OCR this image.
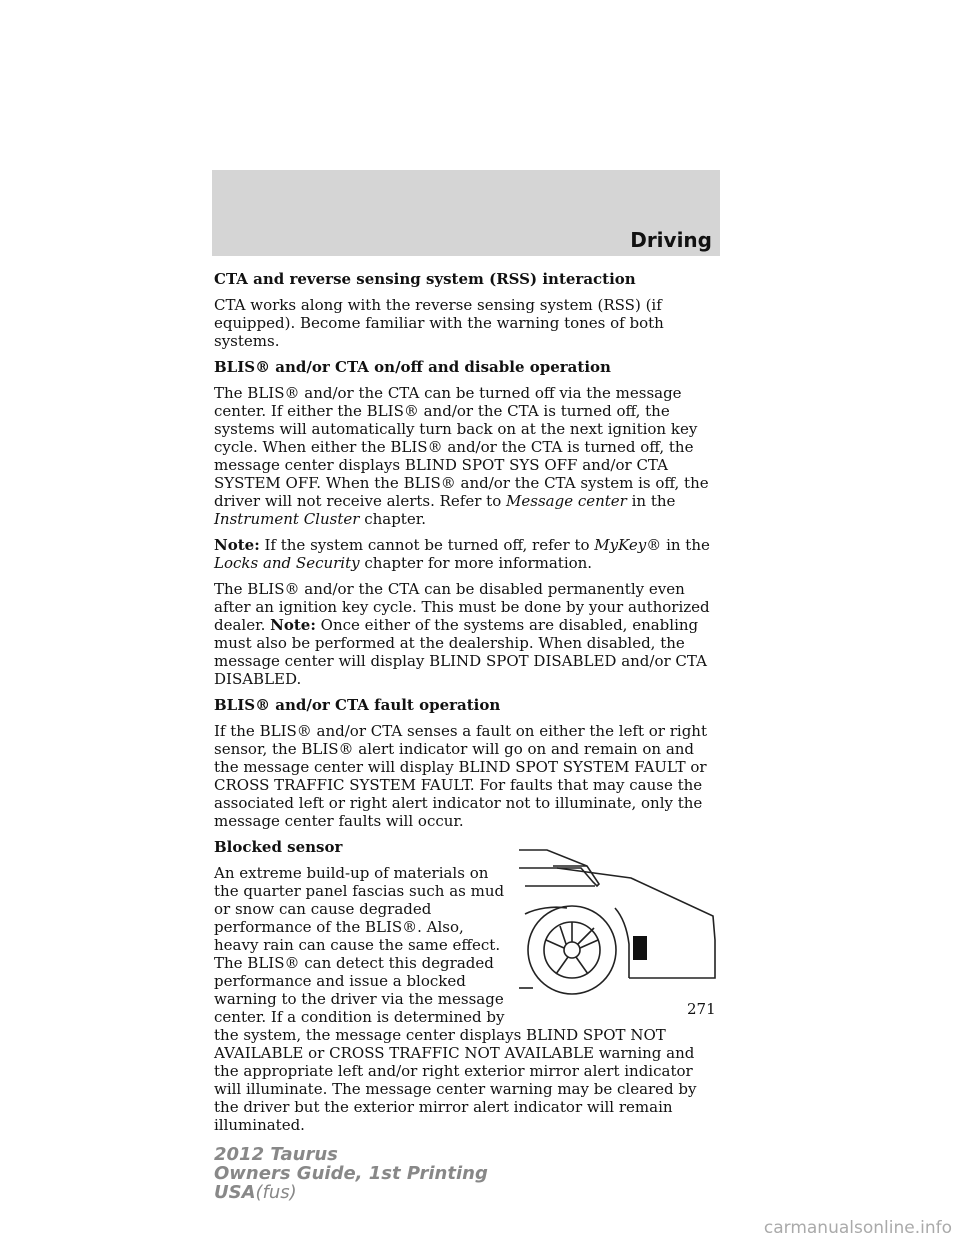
Driving
CTA and reverse sensing system (RSS) interaction

CTA works along with the reverse sensing system (RSS) (if equipped). Become familiar with the warning tones of both systems.

BLIS® and/or CTA on/off and disable operation

The BLIS® and/or the CTA can be turned off via the message center. If either the BLIS® and/or the CTA is turned off, the systems will automatically turn back on at the next ignition key cycle. When either the BLIS® and/or the CTA is turned off, the message center displays BLIND SPOT SYS OFF and/or CTA SYSTEM OFF. When the BLIS® and/or the CTA system is off, the driver will not receive alerts. Refer to Message center in the Instrument Cluster chapter.

Note: If the system cannot be turned off, refer to MyKey® in the Locks and Security chapter for more information.

The BLIS® and/or the CTA can be disabled permanently even after an ignition key cycle. This must be done by your authorized dealer. Note: Once either of the systems are disabled, enabling must also be performed at the dealership. When disabled, the message center will display BLIND SPOT DISABLED and/or CTA DISABLED.

BLIS® and/or CTA fault operation

If the BLIS® and/or CTA senses a fault on either the left or right sensor, the BLIS® alert indicator will go on and remain on and the message center will display BLIND SPOT SYSTEM FAULT or CROSS TRAFFIC SYSTEM FAULT. For faults that may cause the associated left or right alert indicator not to illuminate, only the message center faults will occur.

Blocked sensor

An extreme build-up of materials on the quarter panel fascias such as mud or snow can cause degraded performance of the BLIS®. Also, heavy rain can cause the same effect. The BLIS® can detect this degraded performance and issue a blocked warning to the driver via the message center. If a condition is determined by the system, the message center displays BLIND SPOT NOT AVAILABLE or CROSS TRAFFIC NOT AVAILABLE warning and the appropriate left and/or right exterior mirror alert indicator will illuminate. The message center warning may be cleared by the driver but the exterior mirror alert indicator will remain illuminated.

271
2012 Taurus
Owners Guide, 1st Printing
USA(fus)
carmanualsonline.info
